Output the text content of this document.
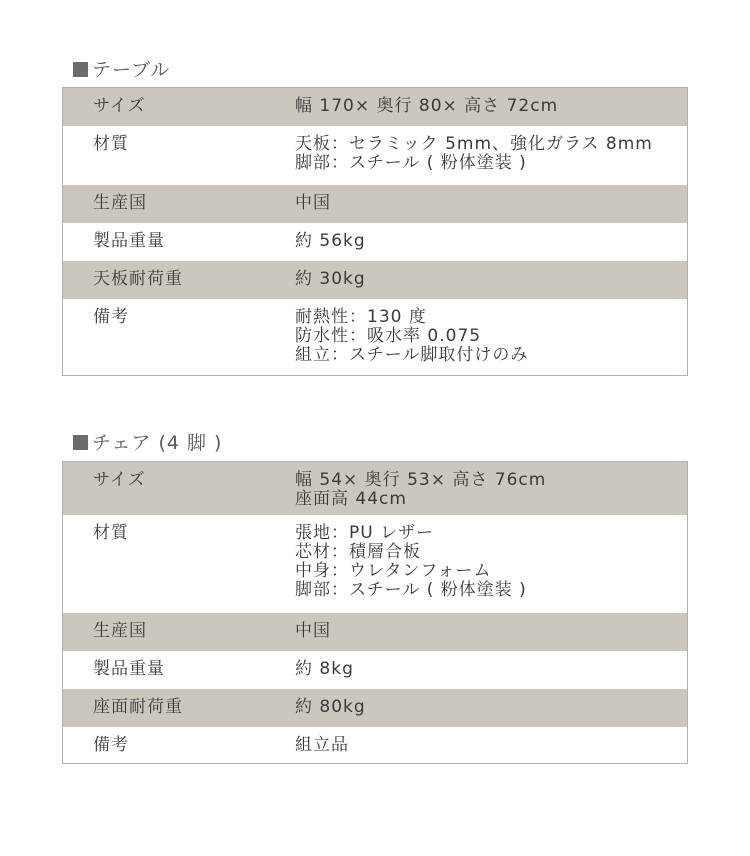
テーブル
サイズ	幅 170× 奥行 80× 高さ 72cm
材質	天板：セラミック 5mm、強化ガラス 8mm
脚部：スチール ( 粉体塗装 )
生産国	中国
製品重量	約 56kg
天板耐荷重	約 30kg
備考	耐熱性：130 度
防水性：吸水率 0.075
組立：スチール脚取付けのみ
チェア (4 脚 )
サイズ	幅 54× 奥行 53× 高さ 76cm
座面高 44cm
材質	張地：PU レザー
芯材：積層合板
中身：ウレタンフォーム
脚部：スチール ( 粉体塗装 )
生産国	中国
製品重量	約 8kg
座面耐荷重	約 80kg
備考	組立品
